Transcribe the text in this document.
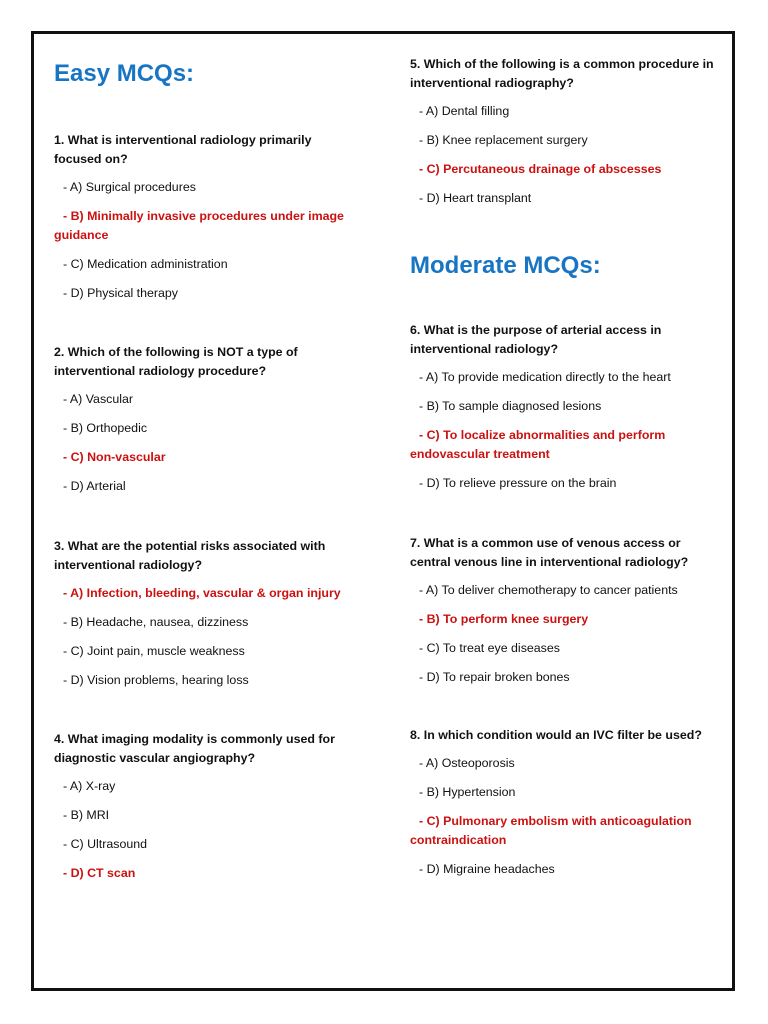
Easy MCQs:
1. What is interventional radiology primarily focused on?
- A) Surgical procedures
- B) Minimally invasive procedures under image guidance
- C) Medication administration
- D) Physical therapy
2. Which of the following is NOT a type of interventional radiology procedure?
- A) Vascular
- B) Orthopedic
- C) Non-vascular
- D) Arterial
3. What are the potential risks associated with interventional radiology?
- A) Infection, bleeding, vascular & organ injury
- B) Headache, nausea, dizziness
- C) Joint pain, muscle weakness
- D) Vision problems, hearing loss
4. What imaging modality is commonly used for diagnostic vascular angiography?
- A) X-ray
- B) MRI
- C) Ultrasound
- D) CT scan
5. Which of the following is a common procedure in interventional radiography?
- A) Dental filling
- B) Knee replacement surgery
- C) Percutaneous drainage of abscesses
- D) Heart transplant
Moderate MCQs:
6. What is the purpose of arterial access in interventional radiology?
- A) To provide medication directly to the heart
- B) To sample diagnosed lesions
- C) To localize abnormalities and perform endovascular treatment
- D) To relieve pressure on the brain
7. What is a common use of venous access or central venous line in interventional radiology?
- A) To deliver chemotherapy to cancer patients
- B) To perform knee surgery
- C) To treat eye diseases
- D) To repair broken bones
8. In which condition would an IVC filter be used?
- A) Osteoporosis
- B) Hypertension
- C) Pulmonary embolism with anticoagulation contraindication
- D) Migraine headaches
